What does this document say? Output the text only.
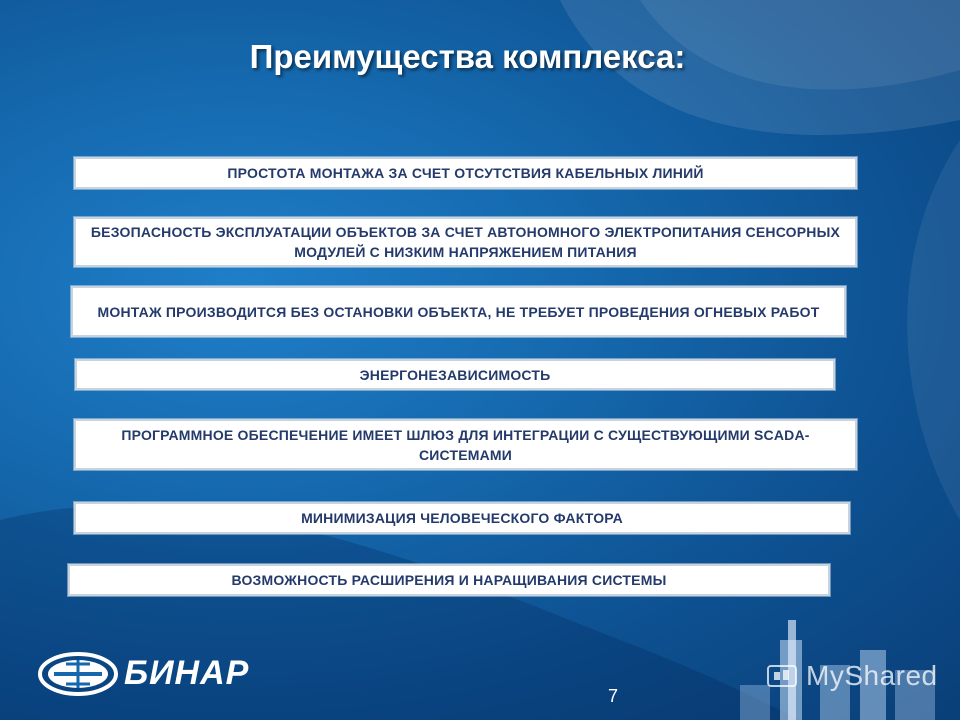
Преимущества комплекса:
ПРОСТОТА МОНТАЖА ЗА СЧЕТ ОТСУТСТВИЯ КАБЕЛЬНЫХ ЛИНИЙ
БЕЗОПАСНОСТЬ ЭКСПЛУАТАЦИИ ОБЪЕКТОВ ЗА СЧЕТ АВТОНОМНОГО ЭЛЕКТРОПИТАНИЯ СЕНСОРНЫХ МОДУЛЕЙ С НИЗКИМ НАПРЯЖЕНИЕМ ПИТАНИЯ
МОНТАЖ ПРОИЗВОДИТСЯ БЕЗ ОСТАНОВКИ ОБЪЕКТА, НЕ ТРЕБУЕТ ПРОВЕДЕНИЯ ОГНЕВЫХ РАБОТ
ЭНЕРГОНЕЗАВИСИМОСТЬ
ПРОГРАММНОЕ ОБЕСПЕЧЕНИЕ ИМЕЕТ ШЛЮЗ ДЛЯ ИНТЕГРАЦИИ С СУЩЕСТВУЮЩИМИ SCADA-СИСТЕМАМИ
МИНИМИЗАЦИЯ ЧЕЛОВЕЧЕСКОГО ФАКТОРА
ВОЗМОЖНОСТЬ РАСШИРЕНИЯ И НАРАЩИВАНИЯ СИСТЕМЫ
БИНАР	MyShared
7
